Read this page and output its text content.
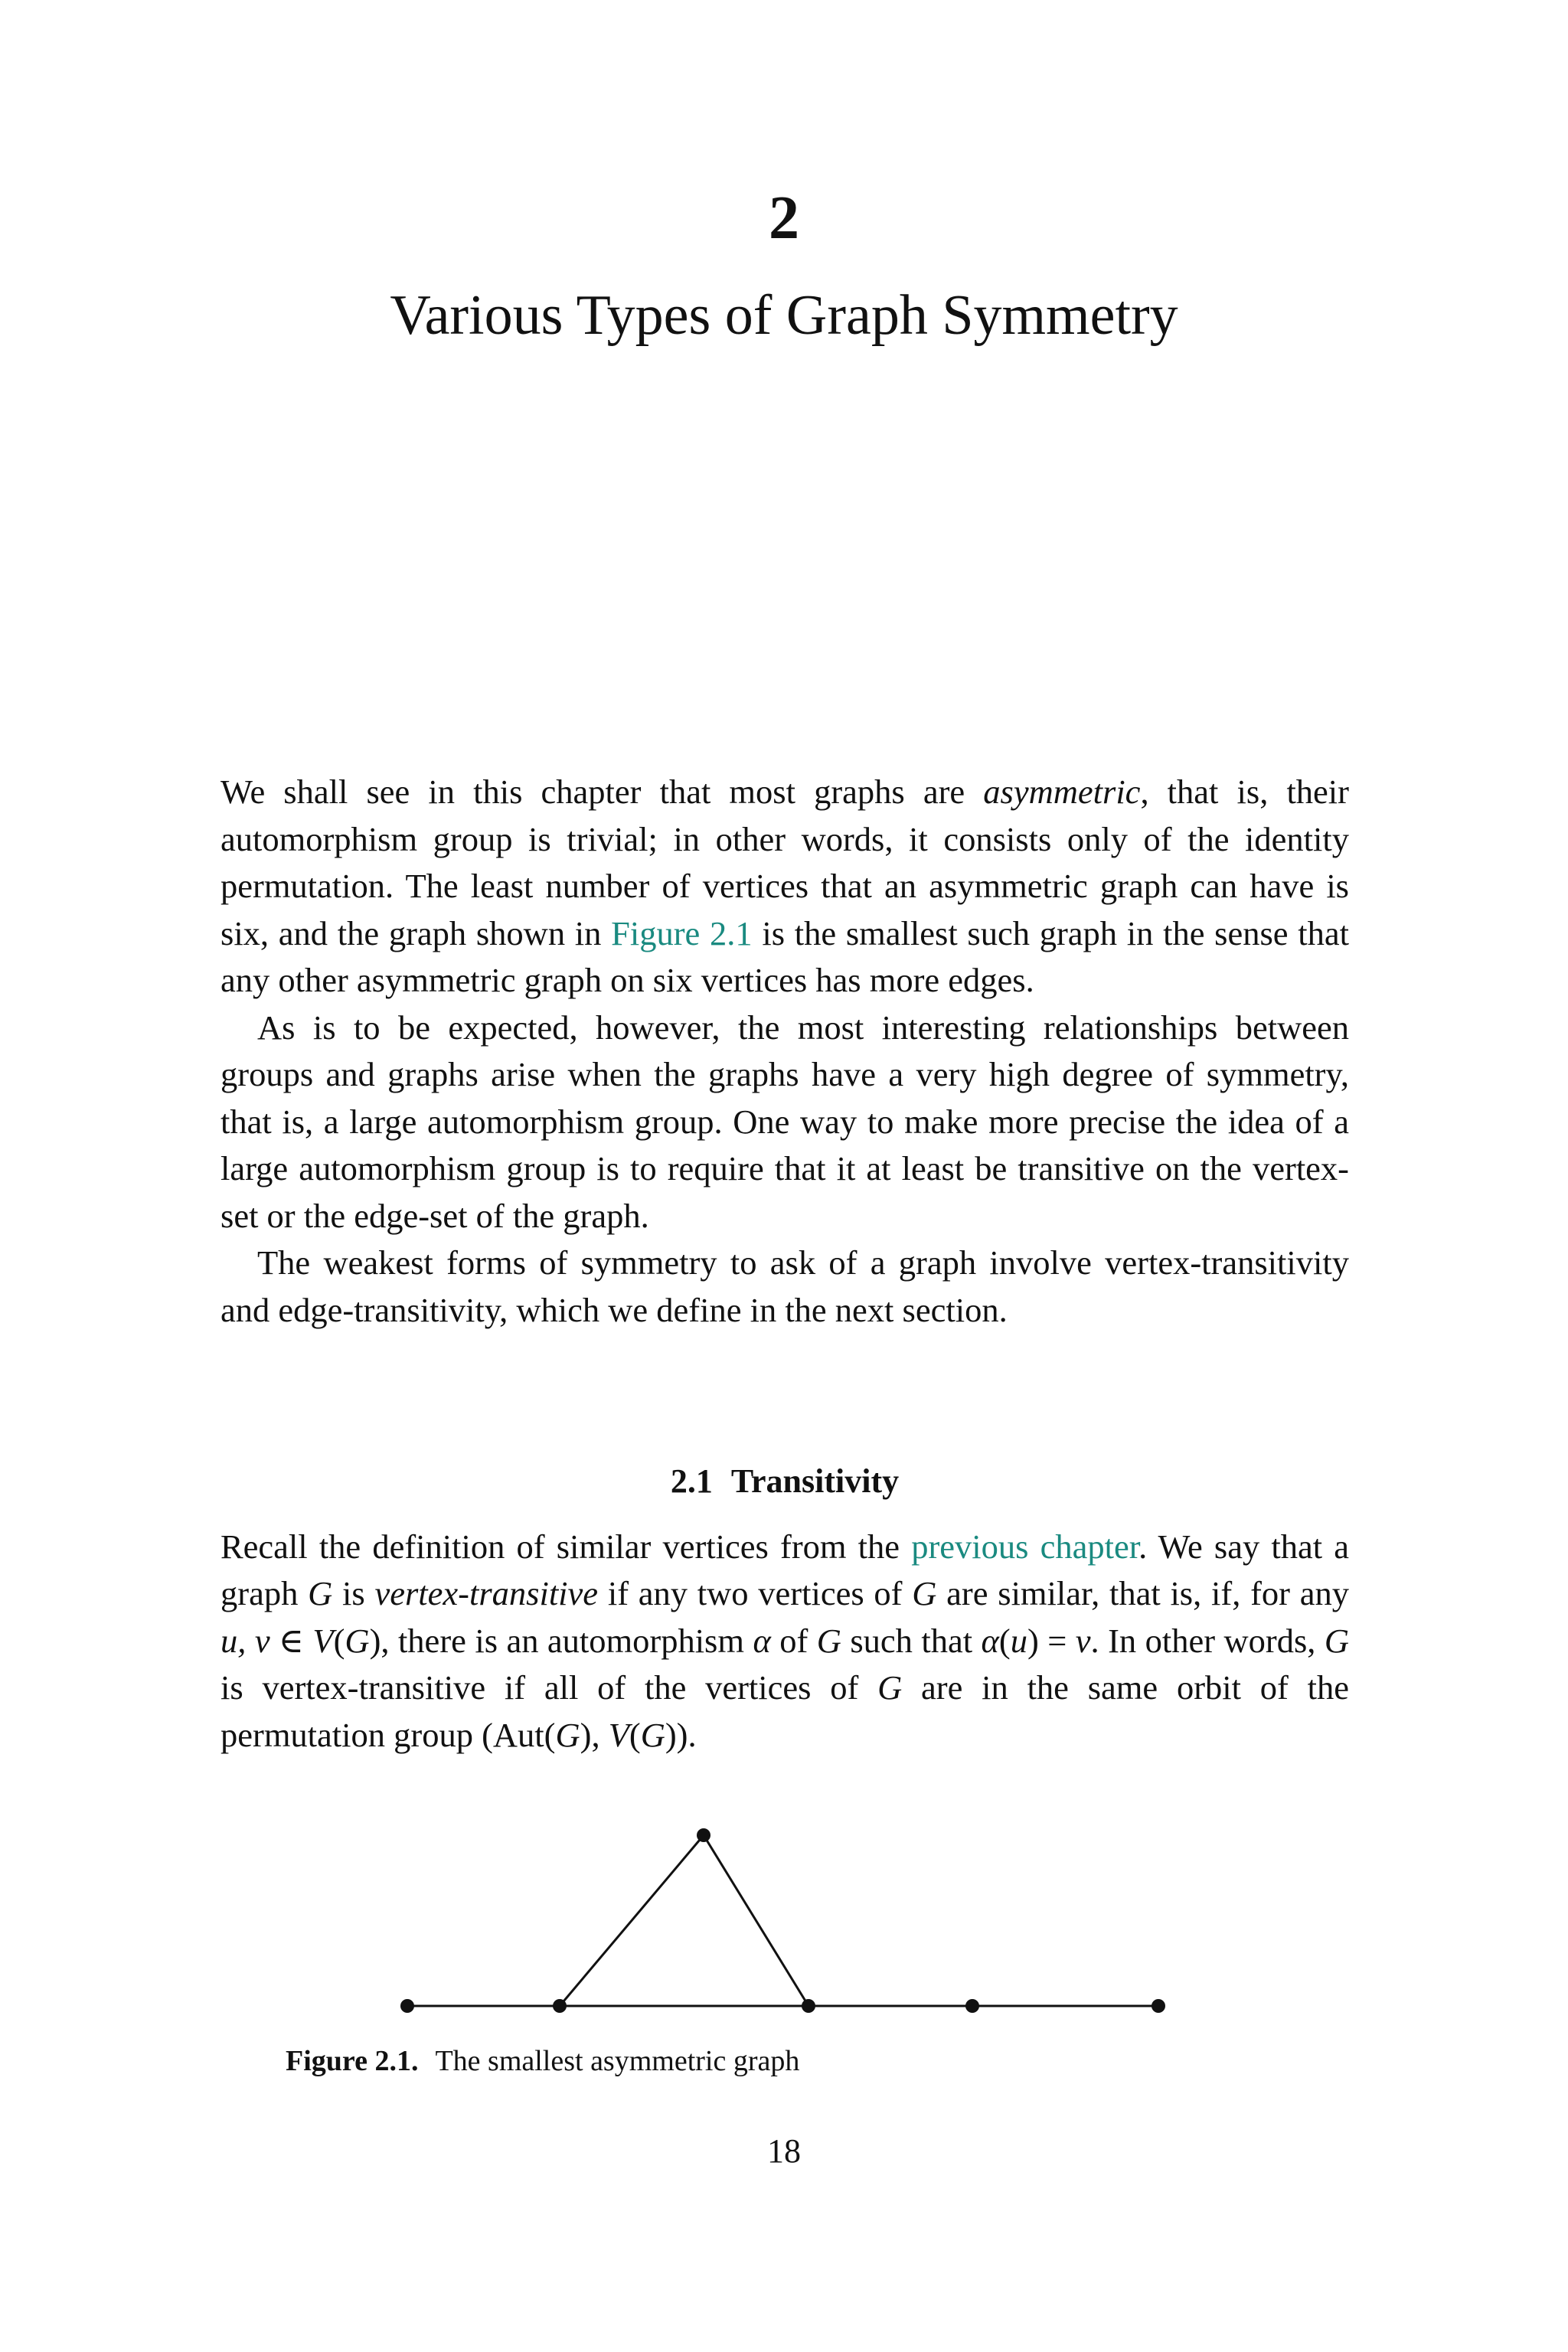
2
Various Types of Graph Symmetry

We shall see in this chapter that most graphs are asymmetric, that is, their automorphism group is trivial; in other words, it consists only of the identity permutation. The least number of vertices that an asymmetric graph can have is six, and the graph shown in Figure 2.1 is the smallest such graph in the sense that any other asymmetric graph on six vertices has more edges.

As is to be expected, however, the most interesting relationships between groups and graphs arise when the graphs have a very high degree of symmetry, that is, a large automorphism group. One way to make more precise the idea of a large automorphism group is to require that it at least be transitive on the vertex-set or the edge-set of the graph.

The weakest forms of symmetry to ask of a graph involve vertex-transitivity and edge-transitivity, which we define in the next section.

2.1 Transitivity

Recall the definition of similar vertices from the previous chapter. We say that a graph G is vertex-transitive if any two vertices of G are similar, that is, if, for any u, v ∈ V(G), there is an automorphism α of G such that α(u) = v. In other words, G is vertex-transitive if all of the vertices of G are in the same orbit of the permutation group (Aut(G), V(G)).

Figure 2.1. The smallest asymmetric graph
18
